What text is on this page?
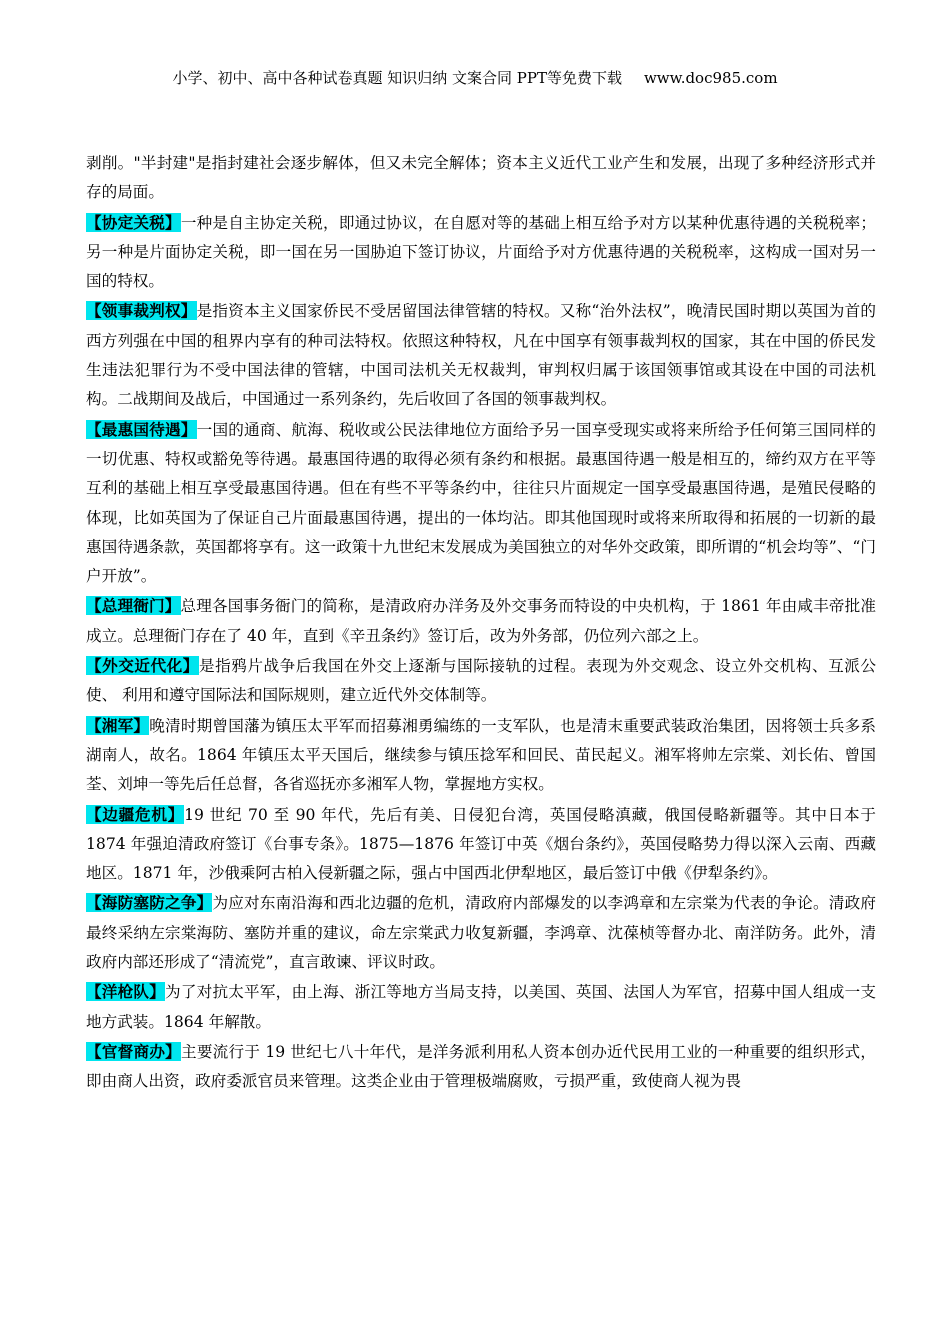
小学、初中、高中各种试卷真题 知识归纳 文案合同 PPT等免费下载 www.doc985.com

剥削。"半封建"是指封建社会逐步解体，但又未完全解体；资本主义近代工业产生和发展，出现了多种经济形式并存的局面。

【协定关税】一种是自主协定关税，即通过协议，在自愿对等的基础上相互给予对方以某种优惠待遇的关税税率；另一种是片面协定关税，即一国在另一国胁迫下签订协议，片面给予对方优惠待遇的关税税率，这构成一国对另一国的特权。

【领事裁判权】是指资本主义国家侨民不受居留国法律管辖的特权。又称“治外法权”，晚清民国时期以英国为首的西方列强在中国的租界内享有的种司法特权。依照这种特权，凡在中国享有领事裁判权的国家，其在中国的侨民发生违法犯罪行为不受中国法律的管辖，中国司法机关无权裁判，审判权归属于该国领事馆或其设在中国的司法机构。二战期间及战后，中国通过一系列条约，先后收回了各国的领事裁判权。

【最惠国待遇】一国的通商、航海、税收或公民法律地位方面给予另一国享受现实或将来所给予任何第三国同样的一切优惠、特权或豁免等待遇。最惠国待遇的取得必须有条约和根据。最惠国待遇一般是相互的，缔约双方在平等互利的基础上相互享受最惠国待遇。但在有些不平等条约中，往往只片面规定一国享受最惠国待遇，是殖民侵略的体现，比如英国为了保证自己片面最惠国待遇，提出的一体均沾。即其他国现时或将来所取得和拓展的一切新的最惠国待遇条款，英国都将享有。这一政策十九世纪末发展成为美国独立的对华外交政策，即所谓的“机会均等”、“门户开放”。

【总理衙门】总理各国事务衙门的简称，是清政府办洋务及外交事务而特设的中央机构，于 1861 年由咸丰帝批准成立。总理衙门存在了 40 年，直到《辛丑条约》签订后，改为外务部，仍位列六部之上。

【外交近代化】是指鸦片战争后我国在外交上逐渐与国际接轨的过程。表现为外交观念、设立外交机构、互派公使、 利用和遵守国际法和国际规则，建立近代外交体制等。

【湘军】晚清时期曾国藩为镇压太平军而招募湘勇编练的一支军队，也是清末重要武装政治集团，因将领士兵多系湖南人，故名。1864 年镇压太平天国后，继续参与镇压捻军和回民、苗民起义。湘军将帅左宗棠、刘长佑、曾国荃、刘坤一等先后任总督，各省巡抚亦多湘军人物，掌握地方实权。

【边疆危机】19 世纪 70 至 90 年代，先后有美、日侵犯台湾，英国侵略滇藏，俄国侵略新疆等。其中日本于 1874 年强迫清政府签订《台事专条》。1875—1876 年签订中英《烟台条约》，英国侵略势力得以深入云南、西藏地区。1871 年，沙俄乘阿古柏入侵新疆之际，强占中国西北伊犁地区，最后签订中俄《伊犁条约》。

【海防塞防之争】为应对东南沿海和西北边疆的危机，清政府内部爆发的以李鸿章和左宗棠为代表的争论。清政府最终采纳左宗棠海防、塞防并重的建议，命左宗棠武力收复新疆，李鸿章、沈葆桢等督办北、南洋防务。此外，清政府内部还形成了“清流党”，直言敢谏、评议时政。

【洋枪队】为了对抗太平军，由上海、浙江等地方当局支持，以美国、英国、法国人为军官，招募中国人组成一支地方武装。1864 年解散。

【官督商办】主要流行于 19 世纪七八十年代，是洋务派利用私人资本创办近代民用工业的一种重要的组织形式，即由商人出资，政府委派官员来管理。这类企业由于管理极端腐败，亏损严重，致使商人视为畏
